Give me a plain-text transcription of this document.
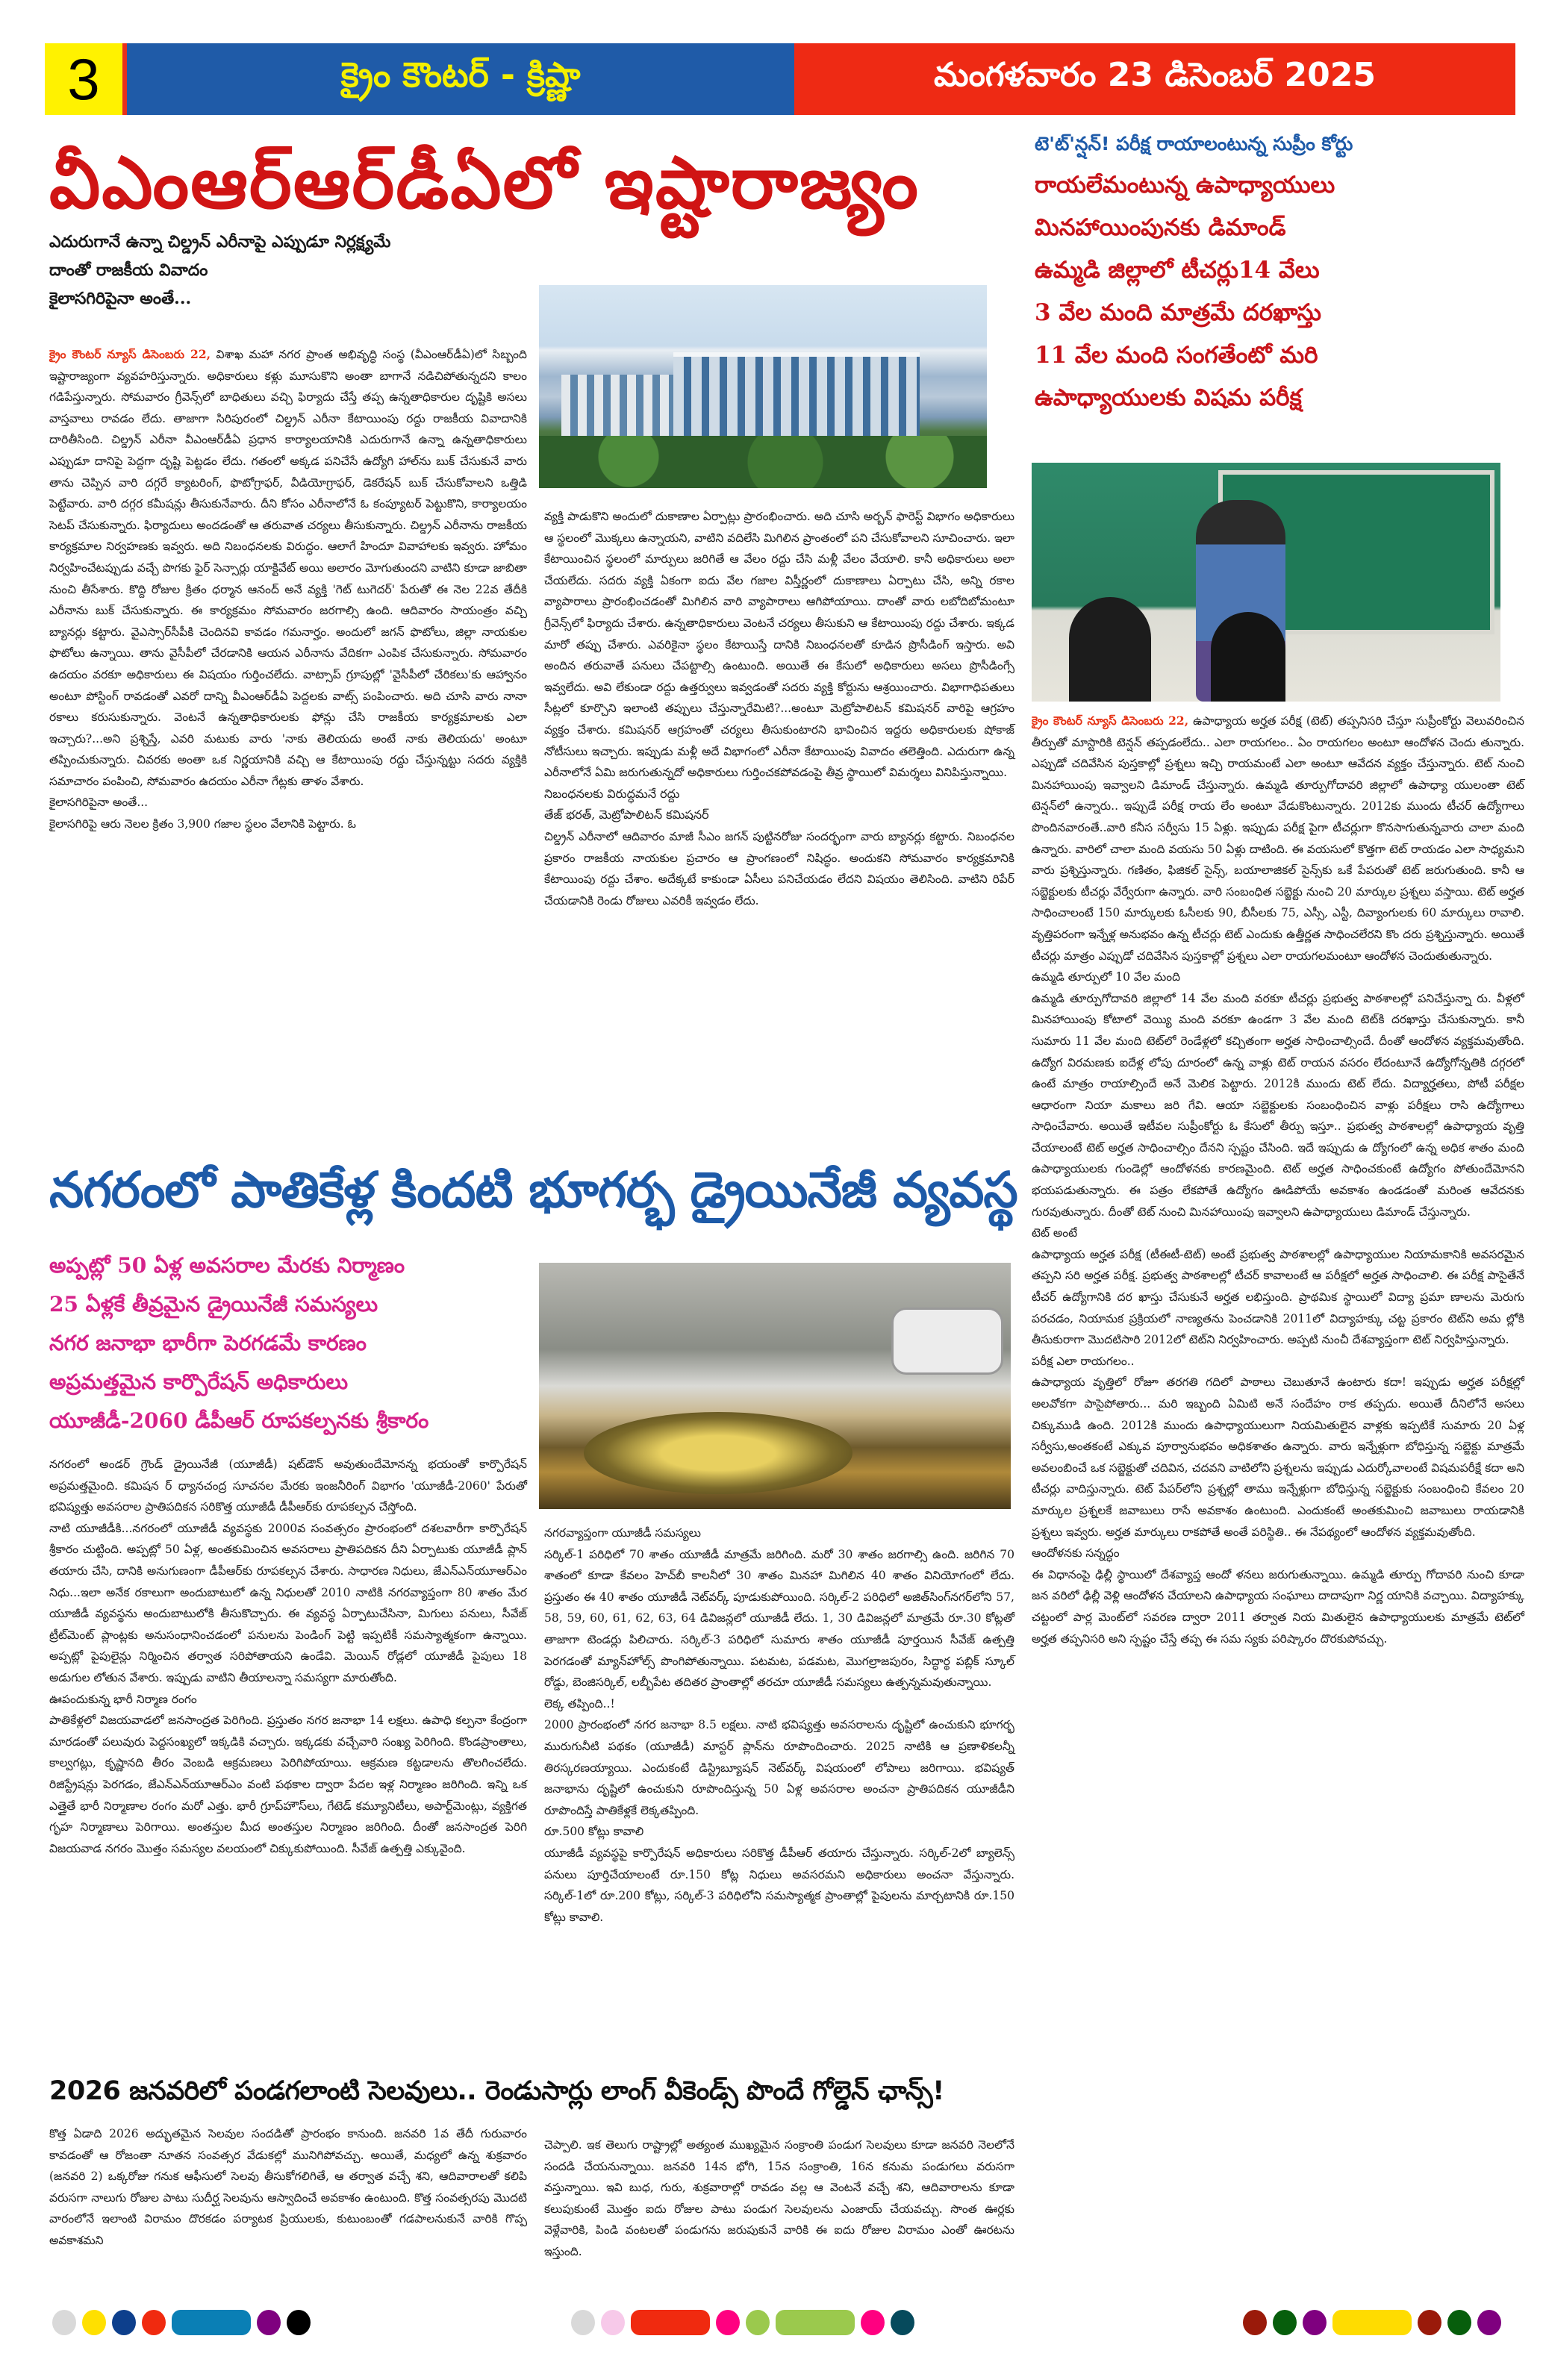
3	క్రైం కౌంటర్ - క్రిష్ణా	మంగళవారం 23 డిసెంబర్ 2025
వీఎంఆర్‌ఆర్‌డీఏలో ఇష్టారాజ్యం
ఎదురుగానే ఉన్నా చిల్డ్రన్ ఎరీనాపై ఎప్పుడూ నిర్లక్ష్యమే
దాంతో రాజకీయ వివాదం
కైలాసగిరిపైనా అంతే...

క్రైం కౌంటర్ న్యూస్ డిసెంబరు 22, విశాఖ మహా నగర ప్రాంత అభివృద్ధి సంస్థ (వీఎంఆర్‌డీఏ)లో సిబ్బంది ఇష్టారాజ్యంగా వ్యవహరిస్తున్నారు. అధికారులు కళ్లు మూసుకొని అంతా బాగానే నడిచిపోతున్నదని కాలం గడిపేస్తున్నారు. సోమవారం గ్రీవెన్స్‌లో బాధితులు వచ్చి ఫిర్యాదు చేస్తే తప్ప ఉన్నతాధికారుల దృష్టికి అసలు వాస్తవాలు రావడం లేదు. తాజాగా సిరిపురంలో చిల్డ్రన్ ఎరీనా కేటాయింపు రద్దు రాజకీయ వివాదానికి దారితీసింది. చిల్డ్రన్ ఎరీనా వీఎంఆర్‌డీఏ ప్రధాన కార్యాలయానికి ఎదురుగానే ఉన్నా ఉన్నతాధికారులు ఎప్పుడూ దానిపై పెద్దగా దృష్టి పెట్టడం లేదు. గతంలో అక్కడ పనిచేసే ఉద్యోగి హాల్‌ను బుక్ చేసుకునే వారు తాను చెప్పిన వారి దగ్గరే క్యాటరింగ్, ఫొటోగ్రాఫర్, వీడియోగ్రాఫర్, డెకరేషన్ బుక్ చేసుకోవాలని ఒత్తిడి పెట్టేవారు. వారి దగ్గర కమీషన్లు తీసుకునేవారు. దీని కోసం ఎరీనాలోనే ఓ కంప్యూటర్ పెట్టుకొని, కార్యాలయం సెటప్ చేసుకున్నారు. ఫిర్యాదులు అందడంతో ఆ తరువాత చర్యలు తీసుకున్నారు. చిల్డ్రన్ ఎరీనాను రాజకీయ కార్యక్రమాల నిర్వహణకు ఇవ్వరు. అది నిబంధనలకు విరుద్ధం. ఆలాగే హిందూ వివాహాలకు ఇవ్వరు. హోమం నిర్వహించేటప్పుడు వచ్చే పొగకు ఫైర్ సెన్సార్లు యాక్టివేట్ అయి అలారం మోగుతుందని వాటిని కూడా జాబితా నుంచి తీసేశారు. కొద్ది రోజుల క్రితం ధర్మాన ఆనంద్ అనే వ్యక్తి 'గెట్ టుగెదర్' పేరుతో ఈ నెల 22వ తేదీకి ఎరీనాను బుక్ చేసుకున్నారు. ఈ కార్యక్రమం సోమవారం జరగాల్సి ఉంది. ఆదివారం సాయంత్రం వచ్చి బ్యానర్లు కట్టారు. వైఎస్సార్‌సీపీకి చెందినవి కావడం గమనార్హం. అందులో జగన్ ఫొటోలు, జిల్లా నాయకుల ఫొటోలు ఉన్నాయి. తాను వైసీపీలో చేరడానికి ఆయన ఎరీనాను వేదికగా ఎంపిక చేసుకున్నారు. సోమవారం ఉదయం వరకూ అధికారులు ఈ విషయం గుర్తించలేదు. వాట్సాప్ గ్రూపుల్లో 'వైసీపీలో చేరికలు'కు ఆహ్వానం అంటూ పోస్టింగ్ రావడంతో ఎవరో దాన్ని వీఎంఆర్‌డీఏ పెద్దలకు వాట్స్ పంపించారు. అది చూసి వారు నానా రకాలు కరుసుకున్నారు. వెంటనే ఉన్నతాధికారులకు ఫోన్లు చేసి రాజకీయ కార్యక్రమాలకు ఎలా ఇచ్చారు?...అని ప్రశ్నిస్తే, ఎవరి మటుకు వారు 'నాకు తెలియదు అంటే నాకు తెలియదు' అంటూ తప్పించుకున్నారు. చివరకు అంతా ఒక నిర్ణయానికి వచ్చి ఆ కేటాయింపు రద్దు చేస్తున్నట్టు సదరు వ్యక్తికి సమాచారం పంపించి, సోమవారం ఉదయం ఎరీనా గేట్లకు తాళం వేశారు.

కైలాసగిరిపైనా అంతే...

కైలాసగిరిపై ఆరు నెలల క్రితం 3,900 గజాల స్థలం వేలానికి పెట్టారు. ఓ

వ్యక్తి పాడుకొని అందులో దుకాణాల ఏర్పాట్లు ప్రారంభించారు. అది చూసి అర్బన్ ఫారెస్ట్ విభాగం అధికారులు ఆ స్థలంలో మొక్కలు ఉన్నాయని, వాటిని వదిలేసి మిగిలిన ప్రాంతంలో పని చేసుకోవాలని సూచించారు. ఇలా కేటాయించిన స్థలంలో మార్పులు జరిగితే ఆ వేలం రద్దు చేసి మళ్లీ వేలం వేయాలి. కానీ అధికారులు అలా చేయలేదు. సదరు వ్యక్తి ఏకంగా ఐదు వేల గజాల విస్తీర్ణంలో దుకాణాలు ఏర్పాటు చేసి, అన్ని రకాల వ్యాపారాలు ప్రారంభించడంతో మిగిలిన వారి వ్యాపారాలు ఆగిపోయాయి. దాంతో వారు లబోదిబోమంటూ గ్రీవెన్స్‌లో ఫిర్యాదు చేశారు. ఉన్నతాధికారులు వెంటనే చర్యలు తీసుకుని ఆ కేటాయింపు రద్దు చేశారు. ఇక్కడ మారో తప్పు చేశారు. ఎవరికైనా స్థలం కేటాయిస్తే దానికి నిబంధనలతో కూడిన ప్రొసీడింగ్ ఇస్తారు. అవి అందిన తరువాతే పనులు చేపట్టాల్సి ఉంటుంది. అయితే ఈ కేసులో అధికారులు అసలు ప్రొసీడింగ్సే ఇవ్వలేదు. అవి లేకుండా రద్దు ఉత్తర్వులు ఇవ్వడంతో సదరు వ్యక్తి కోర్టును ఆశ్రయించారు. విభాగాధిపతులు సీట్లలో కూర్చొని ఇలాంటి తప్పులు చేస్తున్నారేమిటి?...అంటూ మెట్రోపాలిటన్ కమిషనర్ వారిపై ఆగ్రహం వ్యక్తం చేశారు. కమిషనర్ ఆగ్రహంతో చర్యలు తీసుకుంటారని భావించిన ఇద్దరు అధికారులకు షోకాజ్ నోటీసులు ఇచ్చారు. ఇప్పుడు మళ్లీ అదే విభాగంలో ఎరీనా కేటాయింపు వివాదం తలెత్తింది. ఎదురుగా ఉన్న ఎరీనాలోనే ఏమి జరుగుతున్నదో అధికారులు గుర్తించకపోవడంపై తీవ్ర స్థాయిలో విమర్శలు వినిపిస్తున్నాయి.

నిబంధనలకు విరుద్ధమనే రద్దు

తేజ్ భరత్, మెట్రోపాలిటన్ కమిషనర్

చిల్డ్రన్ ఎరీనాలో ఆదివారం మాజీ సీఎం జగన్ పుట్టినరోజు సందర్భంగా వారు బ్యానర్లు కట్టారు. నిబంధనల ప్రకారం రాజకీయ నాయకుల ప్రచారం ఆ ప్రాంగణంలో నిషిద్ధం. అందుకని సోమవారం కార్యక్రమానికి కేటాయింపు రద్దు చేశాం. అదేక్కటే కాకుండా ఏసీలు పనిచేయడం లేదని విషయం తెలిసింది. వాటిని రిపేర్ చేయడానికి రెండు రోజులు ఎవరికీ ఇవ్వడం లేదు.

టె'ట్'న్షన్! పరీక్ష రాయాలంటున్న సుప్రీం కోర్టు
రాయలేమంటున్న ఉపాధ్యాయులు
మినహాయింపునకు డిమాండ్
ఉమ్మడి జిల్లాలో టీచర్లు14 వేలు
3 వేల మంది మాత్రమే దరఖాస్తు
11 వేల మంది సంగతేంటో మరి
ఉపాధ్యాయులకు విషమ పరీక్ష

క్రైం కౌంటర్ న్యూస్ డిసెంబరు 22, ఉపాధ్యాయ అర్హత పరీక్ష (టెట్) తప్పనిసరి చేస్తూ సుప్రీంకోర్టు వెలువరించిన తీర్పుతో మాస్టారికి టెన్షన్ తప్పడంలేదు.. ఎలా రాయగలం.. ఏం రాయగలం అంటూ ఆందోళన చెందు తున్నారు. ఎప్పుడో చదివేసిన పుస్తకాల్లో ప్రశ్నలు ఇచ్చి రాయమంటే ఎలా అంటూ ఆవేదన వ్యక్తం చేస్తున్నారు. టెట్ నుంచి మినహాయింపు ఇవ్వాలని డిమాండ్ చేస్తున్నారు. ఉమ్మడి తూర్పుగోదావరి జిల్లాలో ఉపాధ్యా యులంతా టెట్ టెన్షన్‌లో ఉన్నారు.. ఇప్పుడే పరీక్ష రాయ లేం అంటూ వేడుకొంటున్నారు. 2012కు ముందు టీచర్ ఉద్యోగాలు పొందినవారంతే..వారి కనీస సర్వీసు 15 ఏళ్లు. ఇప్పుడు పరీక్ష పైగా టీచర్లుగా కొనసాగుతున్నవారు చాలా మంది ఉన్నారు. వారిలో చాలా మంది వయసు 50 ఏళ్లు దాటింది. ఈ వయసులో కొత్తగా టెట్ రాయడం ఎలా సాధ్యమని వారు ప్రశ్నిస్తున్నారు. గణితం, ఫిజికల్ సైన్స్, బయాలాజికల్ సైన్స్‌కు ఒకే పేపరుతో టెట్ జరుగుతుంది. కానీ ఆ సబ్జెక్టులకు టీచర్లు వేర్వేరుగా ఉన్నారు. వారి సంబంధిత సబ్జెక్టు నుంచి 20 మార్కుల ప్రశ్నలు వస్తాయి. టెట్ అర్హత సాధించాలంటే 150 మార్కులకు ఓసీలకు 90, బీసీలకు 75, ఎస్సీ, ఎస్టీ, దివ్యాంగులకు 60 మార్కులు రావాలి. వృత్తిపరంగా ఇన్నేళ్ల అనుభవం ఉన్న టీచర్లు టెట్ ఎందుకు ఉత్తీర్ణత సాధించలేరని కొం దరు ప్రశ్నిస్తున్నారు. అయితే టీచర్లు మాత్రం ఎప్పుడో చదివేసిన పుస్తకాల్లో ప్రశ్నలు ఎలా రాయగలమంటూ ఆందోళన చెందుతుతున్నారు.

ఉమ్మడి తూర్పులో 10 వేల మంది

ఉమ్మడి తూర్పుగోదావరి జిల్లాలో 14 వేల మంది వరకూ టీచర్లు ప్రభుత్వ పాఠశాలల్లో పనిచేస్తున్నా రు. వీళ్లలో మినహాయింపు కోటాలో వెయ్యి మంది వరకూ ఉండగా 3 వేల మంది టెట్‌కి దరఖాస్తు చేసుకున్నారు. కానీ సుమారు 11 వేల మంది టెట్‌లో రెండేళ్లలో కచ్చితంగా అర్హత సాధించాల్సిందే. దీంతో ఆందోళన వ్యక్తమవుతోంది. ఉద్యోగ విరమణకు ఐదేళ్ల లోపు దూరంలో ఉన్న వాళ్లు టెట్ రాయన వసరం లేదంటూనే ఉద్యోగోన్నతికి దగ్గరలో ఉంటే మాత్రం రాయాల్సిందే అనే మెలిక పెట్టారు. 2012కి ముందు టెట్ లేదు. విద్యార్హతలు, పోటీ పరీక్షల ఆధారంగా నియా మకాలు జరి గేవి. ఆయా సబ్జెక్టులకు సంబంధించిన వాళ్లు పరీక్షలు రాసి ఉద్యోగాలు సాధించేవారు. అయితే ఇటీవల సుప్రీంకోర్టు ఓ కేసులో తీర్పు ఇస్తూ.. ప్రభుత్వ పాఠశాలల్లో ఉపాధ్యాయ వృత్తి చేయాలంటే టెట్ అర్హత సాధించాల్సిం దేనని స్పష్టం చేసింది. ఇదే ఇప్పుడు ఉ ద్యోగంలో ఉన్న అధిక శాతం మంది ఉపాధ్యాయులకు గుండెల్లో ఆందోళనకు కారణమైంది. టెట్ అర్హత సాధించకుంటే ఉద్యోగం పోతుందేమోనని భయపడుతున్నారు. ఈ పత్రం లేకపోతే ఉద్యోగం ఊడిపోయే అవకాశం ఉండడంతో మరింత ఆవేదనకు గురవుతున్నారు. దీంతో టెట్ నుంచి మినహాయింపు ఇవ్వాలని ఉపాధ్యాయులు డిమాండ్ చేస్తున్నారు.

టెట్ అంటే

ఉపాధ్యాయ అర్హత పరీక్ష (టీఈటీ-టెట్) అంటే ప్రభుత్వ పాఠశాలల్లో ఉపాధ్యాయుల నియామకానికి అవసరమైన తప్పని సరి అర్హత పరీక్ష. ప్రభుత్వ పాఠశాలల్లో టీచర్ కావాలంటే ఆ పరీక్షలో అర్హత సాధించాలి. ఈ పరీక్ష పాసైతేనే టీచర్ ఉద్యోగానికి దర ఖాస్తు చేసుకునే అర్హత లభిస్తుంది. ప్రాథమిక స్థాయిలో విద్యా ప్రమా ణాలను మెరుగు పరచడం, నియామక ప్రక్రియలో నాణ్యతను పెంచడానికి 2011లో విద్యాహక్కు చట్ట ప్రకారం టెట్‌ని అమ ల్లోకి తీసుకురాగా మొదటిసారి 2012లో టెట్‌ని నిర్వహించారు. అప్పటి నుంచీ దేశవ్యాప్తంగా టెట్ నిర్వహిస్తున్నారు.

పరీక్ష ఎలా రాయగలం..

ఉపాధ్యాయ వృత్తిలో రోజూ తరగతి గదిలో పాఠాలు చెబుతూనే ఉంటారు కదా! ఇప్పుడు అర్హత పరీక్షల్లో అలవోకగా పాసైపోతారు... మరి ఇబ్బంది ఏమిటి అనే సందేహం రాక తప్పదు. అయితే దీనిలోనే అసలు చిక్కుముడి ఉంది. 2012కి ముందు ఉపాధ్యాయులుగా నియమితులైన వాళ్లకు ఇప్పటికే సుమారు 20 ఏళ్ల సర్వీసు,అంతకంటే ఎక్కువ పూర్వానుభవం అధికశాతం ఉన్నారు. వారు ఇన్నేళ్లుగా బోధిస్తున్న సబ్జెక్టు మాత్రమే అవలంబించే ఒక సబ్జెక్టుతో చదివిన, చదవని వాటిలోని ప్రశ్నలను ఇప్పుడు ఎదుర్కోవాలంటే విషమపరీక్షే కదా అని టీచర్లు వాదిస్తున్నారు. టెట్ పేపర్‌లోని ప్రశ్నల్లో తాము ఇన్నేళ్లుగా బోధిస్తున్న సబ్జెక్టుకు సంబంధించి కేవలం 20 మార్కుల ప్రశ్నలకే జవాబులు రాసే అవకాశం ఉంటుంది. ఎందుకంటే అంతకుమించి జవాబులు రాయడానికి ప్రశ్నలు ఇవ్వరు. అర్హత మార్కులు రాకపోతే అంతే పరిస్థితి.. ఈ నేపథ్యంలో ఆందోళన వ్యక్తమవుతోంది.

ఆందోళనకు సన్నద్ధం

ఈ విధానంపై ఢిల్లీ స్థాయిలో దేశవ్యాప్త ఆందో ళనలు జరుగుతున్నాయి. ఉమ్మడి తూర్పు గోదావరి నుంచి కూడా జన వరిలో ఢిల్లీ వెళ్లి ఆందోళన చేయాలని ఉపాధ్యాయ సంఘాలు దాదాపుగా నిర్ణ యానికి వచ్చాయి. విద్యాహక్కు చట్టంలో పార్ల మెంట్‌లో సవరణ ద్వారా 2011 తర్వాత నియ మితులైన ఉపాధ్యాయులకు మాత్రమే టెట్‌లో అర్హత తప్పనిసరి అని స్పష్టం చేస్తే తప్ప ఈ సమ స్యకు పరిష్కారం దొరకుపోవచ్చు.

నగరంలో పాతికేళ్ల కిందటి భూగర్భ డ్రైయినేజీ వ్యవస్థ
అప్పట్లో 50 ఏళ్ల అవసరాల మేరకు నిర్మాణం
25 ఏళ్లకే తీవ్రమైన డ్రైయినేజీ సమస్యలు
నగర జనాభా భారీగా పెరగడమే కారణం
అప్రమత్తమైన కార్పొరేషన్ అధికారులు
యూజీడీ-2060 డీపీఆర్ రూపకల్పనకు శ్రీకారం

నగరంలో అండర్ గ్రౌండ్ డ్రైయినేజీ (యూజీడీ) షట్‌డౌన్ అవుతుందేమోనన్న భయంతో కార్పొరేషన్ అప్రమత్తమైంది. కమిషన ర్ ధ్యానచంద్ర సూచనల మేరకు ఇంజనీరింగ్ విభాగం 'యూజీడీ-2060' పేరుతో భవిష్యత్తు అవసరాల ప్రాతిపదికన సరికొత్త యూజీడీ డీపీఆర్‌కు రూపకల్పన చేస్తోంది.

నాటి యూజీడీకి...నగరంలో యూజీడీ వ్యవస్థకు 2000వ సంవత్సరం ప్రారంభంలో దశలవారీగా కార్పొరేషన్ శ్రీకారం చుట్టింది. అప్పట్లో 50 ఏళ్ల, అంతకుమించిన అవసరాలు ప్రాతిపదికన దీని ఏర్పాటుకు యూజీడీ ప్లాన్ తయారు చేసి, దానికి అనుగుణంగా డీపీఆర్‌కు రూపకల్పన చేశారు. సాధారణ నిధులు, జేఎన్‌ఎన్‌యూఆర్‌ఎం నిధు...ఇలా అనేక రకాలుగా అందుబాటులో ఉన్న నిధులతో 2010 నాటికి నగరవ్యాప్తంగా 80 శాతం మేర యూజీడీ వ్యవస్థను అందుబాటులోకి తీసుకొచ్చారు. ఈ వ్యవస్థ ఏర్పాటుచేసినా, మిగులు పనులు, సీవేజ్ ట్రీట్‌మెంట్ ప్లాంట్లకు అనుసంధానించడంలో పనులను పెండింగ్ పెట్టి ఇప్పటికీ సమస్యాత్మకంగా ఉన్నాయి. అప్పట్లో పైపులైన్లు నిర్మించిన తర్వాత సరిపోతాయని ఉండేవి. మెయిన్ రోడ్లలో యూజీడీ పైపులు 18 అడుగుల లోతున వేశారు. ఇప్పుడు వాటిని తీయాలన్నా సమస్యగా మారుతోంది.

ఊపందుకున్న భారీ నిర్మాణ రంగం

పాతికేళ్లలో విజయవాడలో జనసాంద్రత పెరిగింది. ప్రస్తుతం నగర జనాభా 14 లక్షలు. ఉపాధి కల్పనా కేంద్రంగా మారడంతో పలువురు పెద్దసంఖ్యలో ఇక్కడికి వచ్చారు. ఇక్కడకు వచ్చేవారి సంఖ్య పెరిగింది. కొండప్రాంతాలు, కాల్వగట్లు, కృష్ణానది తీరం వెంబడి ఆక్రమణలు పెరిగిపోయాయి. ఆక్రమణ కట్టడాలను తొలగించలేదు. రిజిస్ట్రేషన్లు పెరగడం, జేఎన్‌ఎన్‌యూఆర్‌ఎం వంటి పథకాల ద్వారా పేదల ఇళ్ల నిర్మాణం జరిగింది. ఇన్ని ఒక ఎత్తైతే భారీ నిర్మాణాల రంగం మరో ఎత్తు. భారీ గ్రూప్‌హౌస్‌లు, గేటెడ్ కమ్యూనిటీలు, అపార్ట్‌మెంట్లు, వ్యక్తిగత గృహ నిర్మాణాలు పెరిగాయి. అంతస్తుల మీద అంతస్తుల నిర్మాణం జరిగింది. దీంతో జనసాంద్రత పెరిగి విజయవాడ నగరం మొత్తం సమస్యల వలయంలో చిక్కుకుపోయింది. సీవేజ్ ఉత్పత్తి ఎక్కువైంది.

నగరవ్యాప్తంగా యూజీడీ సమస్యలు

సర్కిల్-1 పరిధిలో 70 శాతం యూజీడీ మాత్రమే జరిగింది. మరో 30 శాతం జరగాల్సి ఉంది. జరిగిన 70 శాతంలో కూడా కేవలం హెచ్‌బీ కాలనీలో 30 శాతం మినహా మిగిలిన 40 శాతం వినియోగంలో లేదు. ప్రస్తుతం ఈ 40 శాతం యూజీడీ నెట్‌వర్క్ పూడుకుపోయింది. సర్కిల్-2 పరిధిలో అజిత్‌సింగ్‌నగర్‌లోని 57, 58, 59, 60, 61, 62, 63, 64 డివిజన్లలో యూజీడీ లేదు. 1, 30 డివిజన్లలో మాత్రమే రూ.30 కోట్లతో తాజాగా టెండర్లు పిలిచారు. సర్కిల్-3 పరిధిలో సుమారు శాతం యూజీడీ పూర్తయిన సీవేజ్ ఉత్పత్తి పెరగడంతో మ్యాన్‌హోల్స్ పొంగిపోతున్నాయి. పటమట, పడమట, మొగల్రాజపురం, సిద్ధార్థ పబ్లిక్ స్కూల్ రోడ్డు, బెంజిసర్కిల్, లబ్బీపేట తదితర ప్రాంతాల్లో తరచూ యూజీడీ సమస్యలు ఉత్పన్నమవుతున్నాయి.

లెక్క తప్పింది..!

2000 ప్రారంభంలో నగర జనాభా 8.5 లక్షలు. నాటి భవిష్యత్తు అవసరాలను దృష్టిలో ఉంచుకుని భూగర్భ మురుగునీటి పథకం (యూజీడీ) మాస్టర్ ప్లాన్‌ను రూపొందించారు. 2025 నాటికి ఆ ప్రణాళికలన్నీ తిరస్కరణయ్యాయి. ఎందుకంటే డిస్ట్రిబ్యూషన్ నెట్‌వర్క్ విషయంలో లోపాలు జరిగాయి. భవిష్యత్ జనాభాను దృష్టిలో ఉంచుకుని రూపొందిస్తున్న 50 ఏళ్ల అవసరాల అంచనా ప్రాతిపదికన యూజీడీని రూపొందిస్తే పాతికేళ్లకే లెక్కతప్పింది.

రూ.500 కోట్లు కావాలి

యూజీడీ వ్యవస్థపై కార్పొరేషన్ అధికారులు సరికొత్త డీపీఆర్ తయారు చేస్తున్నారు. సర్కిల్-2లో బ్యాలెన్స్ పనులు పూర్తిచేయాలంటే రూ.150 కోట్ల నిధులు అవసరమని అధికారులు అంచనా వేస్తున్నారు. సర్కిల్-1లో రూ.200 కోట్లు, సర్కిల్-3 పరిధిలోని సమస్యాత్మక ప్రాంతాల్లో పైపులను మార్చటానికి రూ.150 కోట్లు కావాలి.

2026 జనవరిలో పండగలాంటి సెలవులు.. రెండుసార్లు లాంగ్ వీకెండ్స్ పొందే గోల్డెన్ ఛాన్స్!

కొత్త ఏడాది 2026 అద్భుతమైన సెలవుల సందడితో ప్రారంభం కానుంది. జనవరి 1వ తేదీ గురువారం కావడంతో ఆ రోజంతా నూతన సంవత్సర వేడుకల్లో మునిగిపోవచ్చు. అయితే, మధ్యలో ఉన్న శుక్రవారం (జనవరి 2) ఒక్కరోజు గనుక ఆఫీసులో సెలవు తీసుకోగలిగితే, ఆ తర్వాత వచ్చే శని, ఆదివారాలతో కలిపి వరుసగా నాలుగు రోజుల పాటు సుదీర్ఘ సెలవును ఆస్వాదించే అవకాశం ఉంటుంది. కొత్త సంవత్సరపు మొదటి వారంలోనే ఇలాంటి విరామం దొరకడం పర్యాటక ప్రియులకు, కుటుంబంతో గడపాలనుకునే వారికి గొప్ప అవకాశమని

చెప్పాలి. ఇక తెలుగు రాష్ట్రాల్లో అత్యంత ముఖ్యమైన సంక్రాంతి పండుగ సెలవులు కూడా జనవరి నెలలోనే సందడి చేయనున్నాయి. జనవరి 14న భోగి, 15న సంక్రాంతి, 16న కనుమ పండుగలు వరుసగా వస్తున్నాయి. ఇవి బుధ, గురు, శుక్రవారాల్లో రావడం వల్ల ఆ వెంటనే వచ్చే శని, ఆదివారాలను కూడా కలుపుకుంటే మొత్తం ఐదు రోజుల పాటు పండుగ సెలవులను ఎంజాయ్ చేయవచ్చు. సొంత ఊర్లకు వెళ్లేవారికి, పిండి వంటలతో పండుగను జరుపుకునే వారికి ఈ ఐదు రోజుల విరామం ఎంతో ఊరటను ఇస్తుంది.
